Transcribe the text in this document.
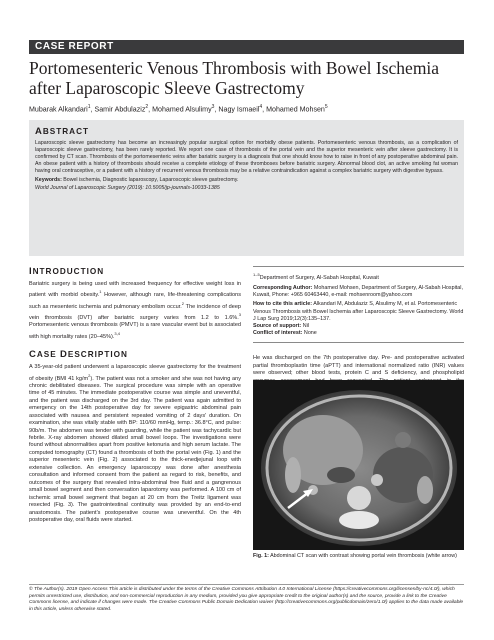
CASE REPORT
Portomesenteric Venous Thrombosis with Bowel Ischemia after Laparoscopic Sleeve Gastrectomy
Mubarak Alkandari$^1$, Samir Abdulaziz$^2$, Mohamed Alsulimy$^3$, Nagy Ismaeil$^4$, Mohamed Mohsen$^5$
ABSTRACT
Laparoscopic sleeve gastrectomy has become an increasingly popular surgical option for morbidly obese patients. Portomesenteric venous thrombosis, as a complication of laparoscopic sleeve gastrectomy, has been rarely reported. We report one case of thrombosis of the portal vein and the superior mesenteric vein after sleeve gastrectomy. It is confirmed by CT scan. Thrombosis of the portomesenteric veins after bariatric surgery is a diagnosis that one should know how to raise in front of any postoperative abdominal pain. An obese patient with a history of thrombosis should receive a complete etiology of these thromboses before bariatric surgery. Abnormal blood clot, an active smoking fat woman having oral contraceptive, or a patient with a history of recurrent venous thrombosis may be a relative contraindication against a complex bariatric surgery with digestive bypass.
Keywords: Bowel ischemia, Diagnostic laparoscopy, Laparoscopic sleeve gastrectomy.
World Journal of Laparoscopic Surgery (2019): 10.5005/jp-journals-10033-1385
INTRODUCTION

Bariatric surgery is being used with increased frequency for effective weight loss in patient with morbid obesity.$^1$ However, although rare, life-threatening complications such as mesenteric ischemia and pulmonary embolism occur.$^2$ The incidence of deep vein thrombosis (DVT) after bariatric surgery varies from 1.2 to 1.6%.$^3$ Portomesenteric venous thrombosis (PMVT) is a rare vascular event but is associated with high mortality rates (20–45%).$^{3,4}$

CASE DESCRIPTION

A 35-year-old patient underwent a laparoscopic sleeve gastrectomy for the treatment of obesity (BMI 41 $kg/m^2$). The patient was not a smoker and she was not having any chronic debilitated diseases. The surgical procedure was simple with an operative time of 45 minutes. The immediate postoperative course was simple and uneventful, and the patient was discharged on the 3rd day. The patient was again admitted to emergency on the 14th postoperative day for severe epigastric abdominal pain associated with nausea and persistent repeated vomiting of 2 days' duration. On examination, she was vitally stable with BP: 110/60 mmHg, temp.: 36.8°C, and pulse: 90b/m. The abdomen was tender with guarding, while the patient was tachycardic but febrile. X-ray abdomen showed dilated small bowel loops. The investigations were found without abnormalities apart from positive ketonuria and high serum lactate. The computed tomography (CT) found a thrombosis of both the portal vein (Fig. 1) and the superior mesenteric vein (Fig. 2) associated to the thick-enedjejunal loop with extensive collection. An emergency laparoscopy was done after anesthesia consultation and informed consent from the patient as regard to risk, benefits, and outcomes of the surgery that revealed intra-abdominal free fluid and a gangrenous small bowel segment and then conversation laparotomy was performed. A 100 cm of ischemic small bowel segment that began at 20 cm from the Treitz ligament was resected (Fig. 3). The gastrointestinal continuity was provided by an end-to-end anastomosis. The patient's postoperative course was uneventful. On the 4th postoperative day, oral fluids were started.

$^{1-5}$Department of Surgery, Al-Sabah Hospital, Kuwait
Corresponding Author: Mohamed Mohsen, Department of Surgery, Al-Sabah Hospital, Kuwait, Phone: +965 60463440, e-mail: mohsenroom@yahoo.com
How to cite this article: Alkandari M, Abdulaziz S, Alsulimy M, et al. Portomesenteric Venous Thrombosis with Bowel Ischemia after Laparoscopic Sleeve Gastrectomy. World J Lap Surg 2019;12(3):135–137.
Source of support: Nil
Conflict of interest: None

He was discharged on the 7th postoperative day. Pre- and postoperative activated partial thromboplastin time (aPTT) and international normalized ratio (INR) values were observed; other blood tests, protein C and S deficiency, and phospholipid

Fig. 1: Abdominal CT scan with contrast showing portal vein thrombosis (white arrow)
© The Author(s). 2019 Open Access This article is distributed under the terms of the Creative Commons Attribution 4.0 International License (https://creativecommons.org/licenses/by-nc/4.0/), which permits unrestricted use, distribution, and non-commercial reproduction in any medium, provided you give appropriate credit to the original author(s) and the source, provide a link to the Creative Commons license, and indicate if changes were made. The Creative Commons Public Domain Dedication waiver (http://creativecommons.org/publicdomain/zero/1.0/) applies to the data made available in this article, unless otherwise stated.
